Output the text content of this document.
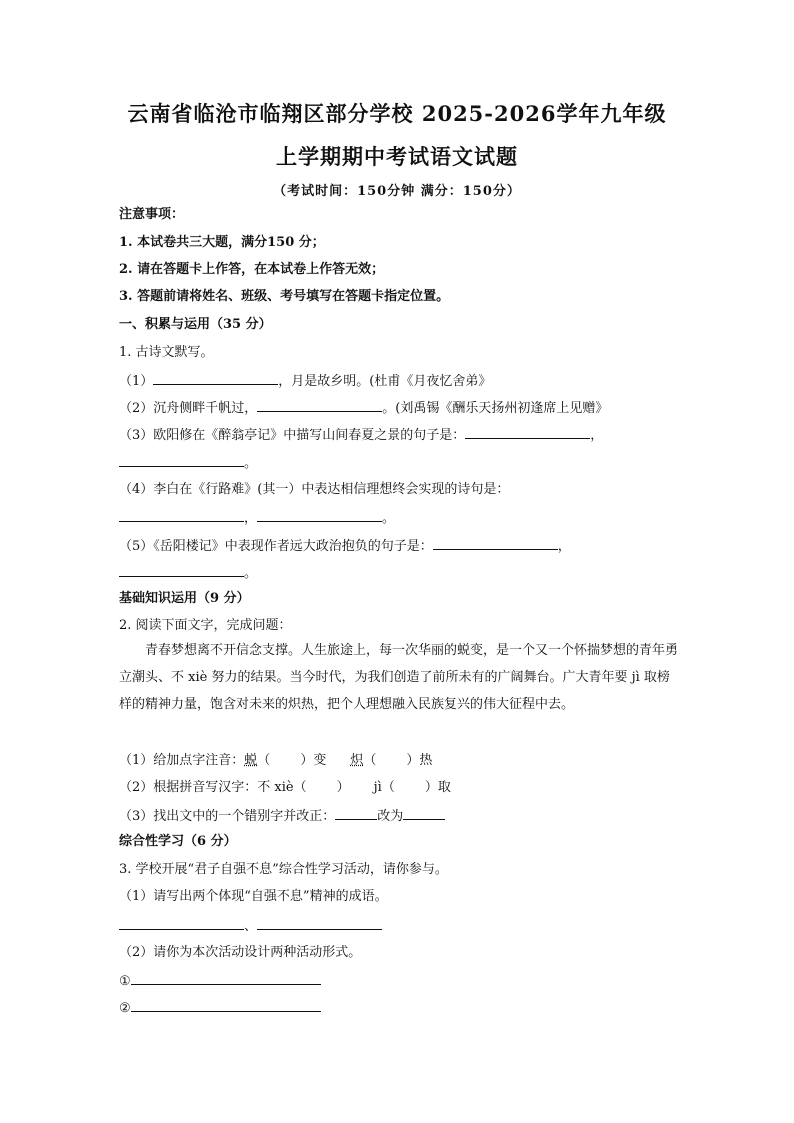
云南省临沧市临翔区部分学校 2025-2026学年九年级
上学期期中考试语文试题
（考试时间：150分钟 满分：150分）
注意事项：
1. 本试卷共三大题，满分150 分；
2. 请在答题卡上作答，在本试卷上作答无效；
3. 答题前请将姓名、班级、考号填写在答题卡指定位置。
一、积累与运用（35 分）
1. 古诗文默写。
（1）	，月是故乡明。(杜甫《月夜忆舍弟》
（2）沉舟侧畔千帆过，	。(刘禹锡《酬乐天扬州初逢席上见赠》
（3）欧阳修在《醉翁亭记》中描写山间春夏之景的句子是：	，
。
（4）李白在《行路难》(其一）中表达相信理想终会实现的诗句是：
，	。
（5）《岳阳楼记》中表现作者远大政治抱负的句子是：	，
。
基础知识运用（9 分）
2. 阅读下面文字，完成问题：
青春梦想离不开信念支撑。人生旅途上，每一次华丽的蜕变，是一个又一个怀揣梦想的青年勇立潮头、不 xiè 努力的结果。当今时代，为我们创造了前所未有的广阔舞台。广大青年要 jì 取榜样的精神力量，饱含对未来的炽热，把个人理想融入民族复兴的伟大征程中去。
（1）给加点字注音：蜕（ ）变 炽（ ）热
（2）根据拼音写汉字：不 xiè（ ） jì（ ）取
（3）找出文中的一个错别字并改正：	改为
综合性学习（6 分）
3. 学校开展“君子自强不息”综合性学习活动，请你参与。
（1）请写出两个体现“自强不息”精神的成语。
、
（2）请你为本次活动设计两种活动形式。
①
②
